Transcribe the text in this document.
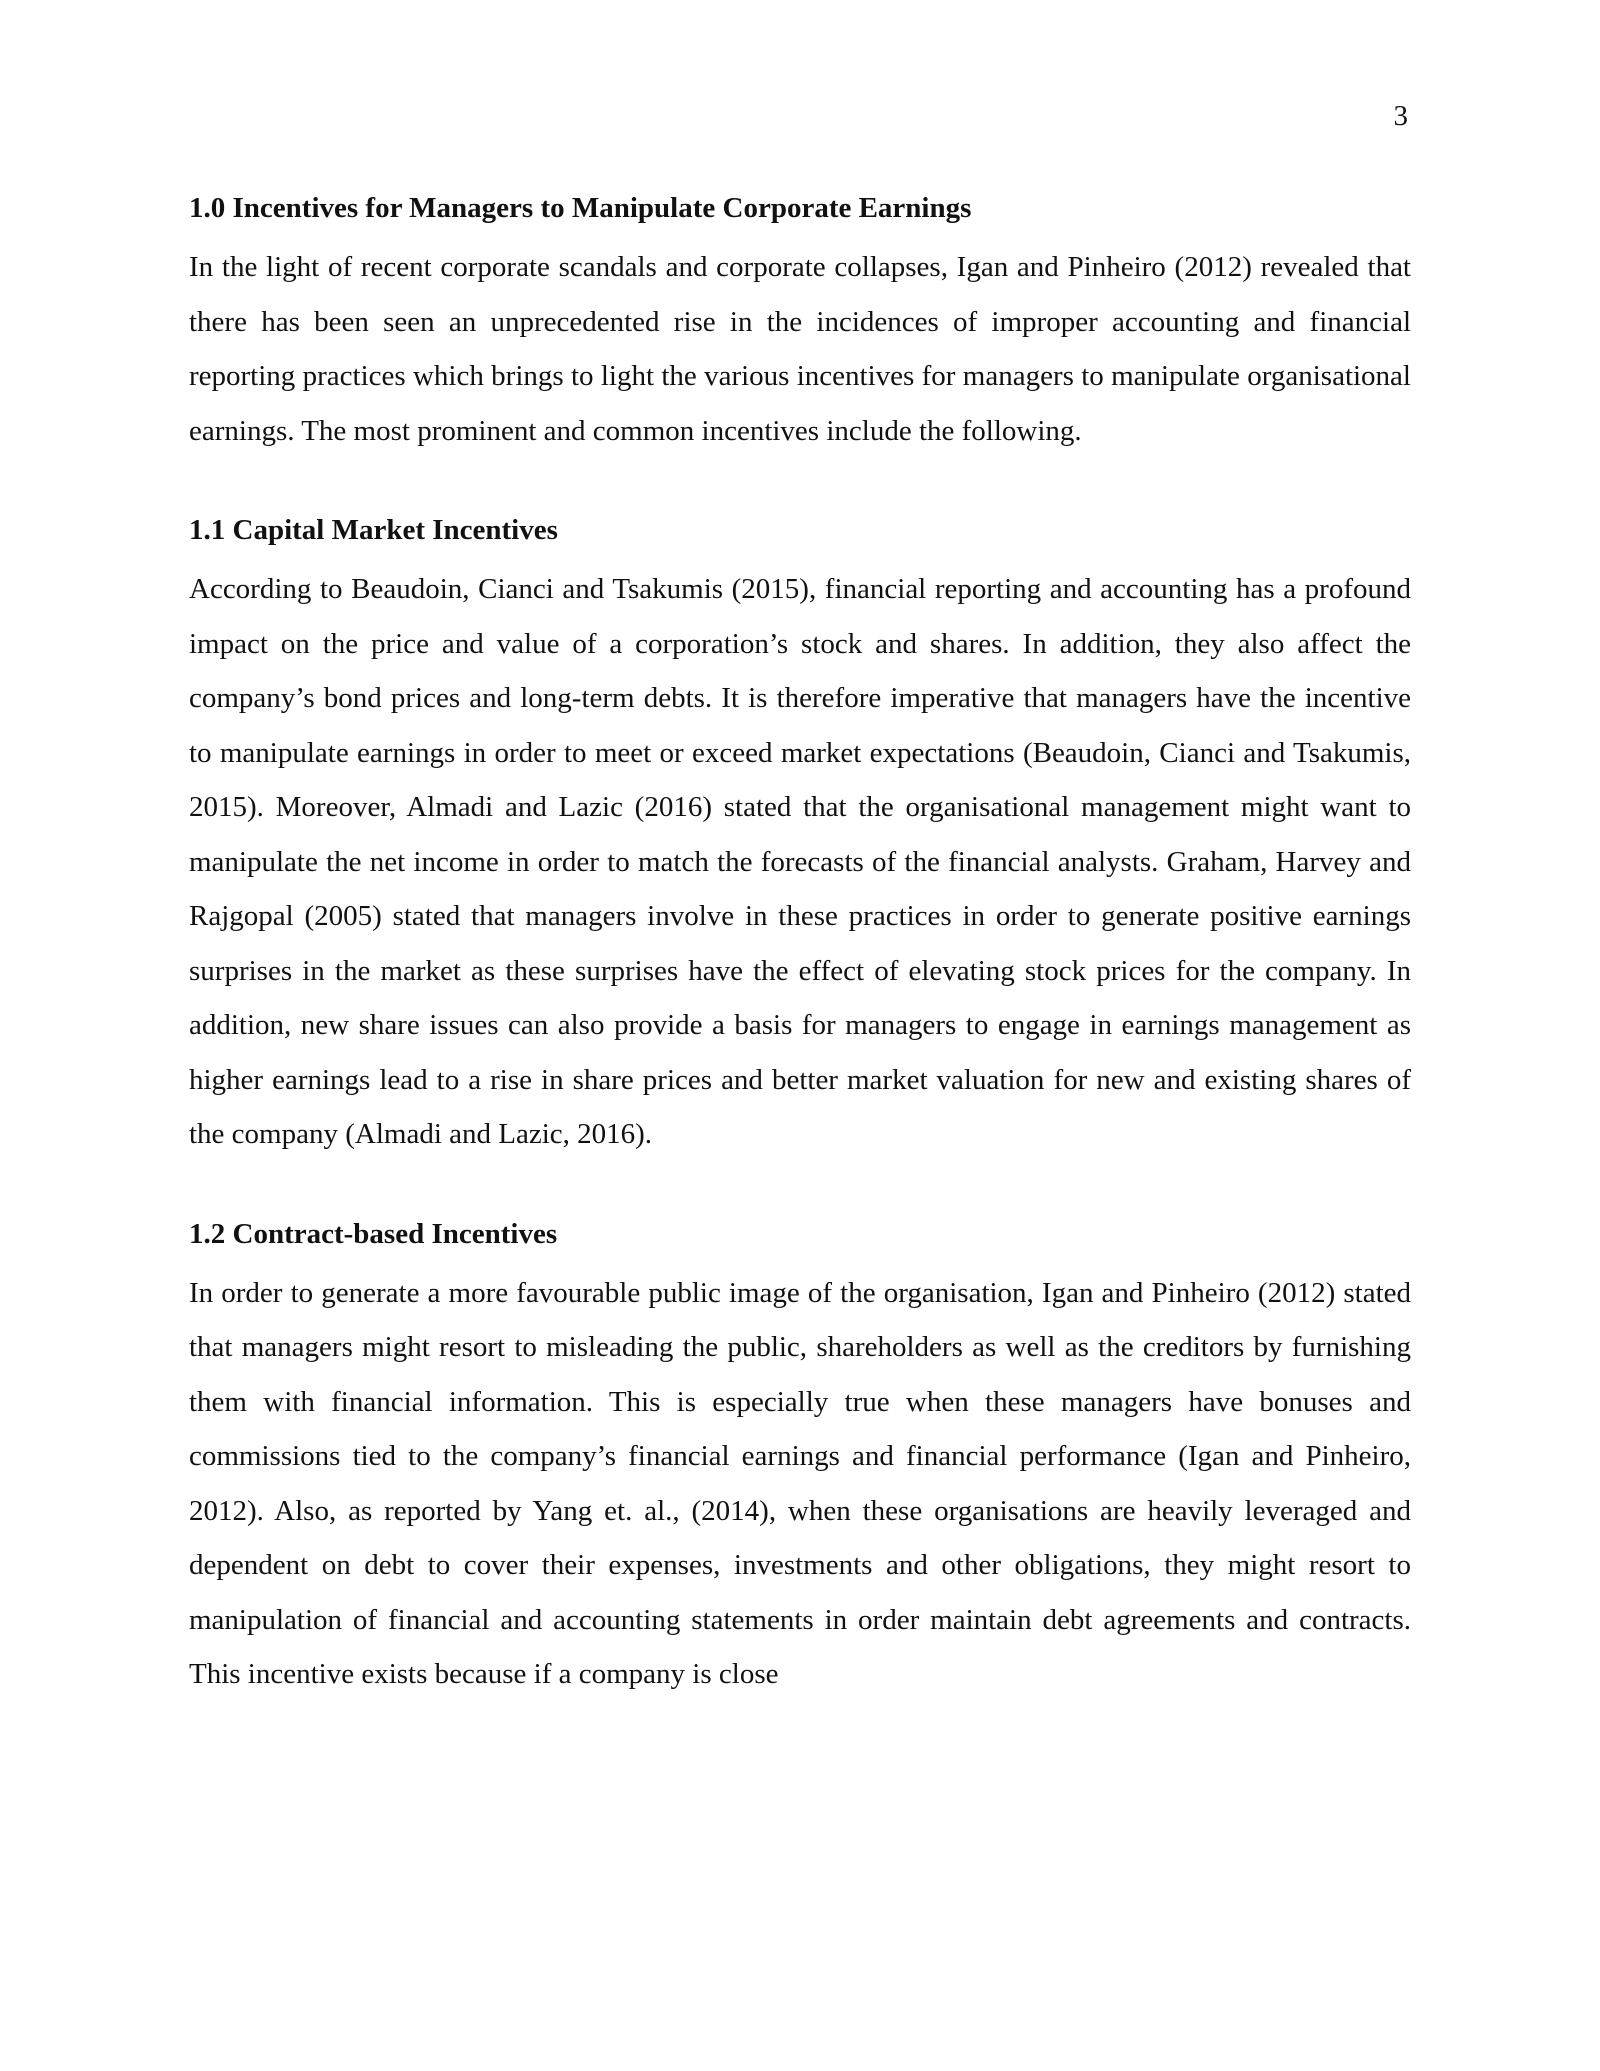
3
1.0 Incentives for Managers to Manipulate Corporate Earnings

In the light of recent corporate scandals and corporate collapses, Igan and Pinheiro (2012) revealed that there has been seen an unprecedented rise in the incidences of improper accounting and financial reporting practices which brings to light the various incentives for managers to manipulate organisational earnings. The most prominent and common incentives include the following.

1.1 Capital Market Incentives

According to Beaudoin, Cianci and Tsakumis (2015), financial reporting and accounting has a profound impact on the price and value of a corporation’s stock and shares. In addition, they also affect the company’s bond prices and long-term debts. It is therefore imperative that managers have the incentive to manipulate earnings in order to meet or exceed market expectations (Beaudoin, Cianci and Tsakumis, 2015). Moreover, Almadi and Lazic (2016) stated that the organisational management might want to manipulate the net income in order to match the forecasts of the financial analysts. Graham, Harvey and Rajgopal (2005) stated that managers involve in these practices in order to generate positive earnings surprises in the market as these surprises have the effect of elevating stock prices for the company. In addition, new share issues can also provide a basis for managers to engage in earnings management as higher earnings lead to a rise in share prices and better market valuation for new and existing shares of the company (Almadi and Lazic, 2016).

1.2 Contract-based Incentives

In order to generate a more favourable public image of the organisation, Igan and Pinheiro (2012) stated that managers might resort to misleading the public, shareholders as well as the creditors by furnishing them with financial information. This is especially true when these managers have bonuses and commissions tied to the company’s financial earnings and financial performance (Igan and Pinheiro, 2012). Also, as reported by Yang et. al., (2014), when these organisations are heavily leveraged and dependent on debt to cover their expenses, investments and other obligations, they might resort to manipulation of financial and accounting statements in order maintain debt agreements and contracts. This incentive exists because if a company is close
